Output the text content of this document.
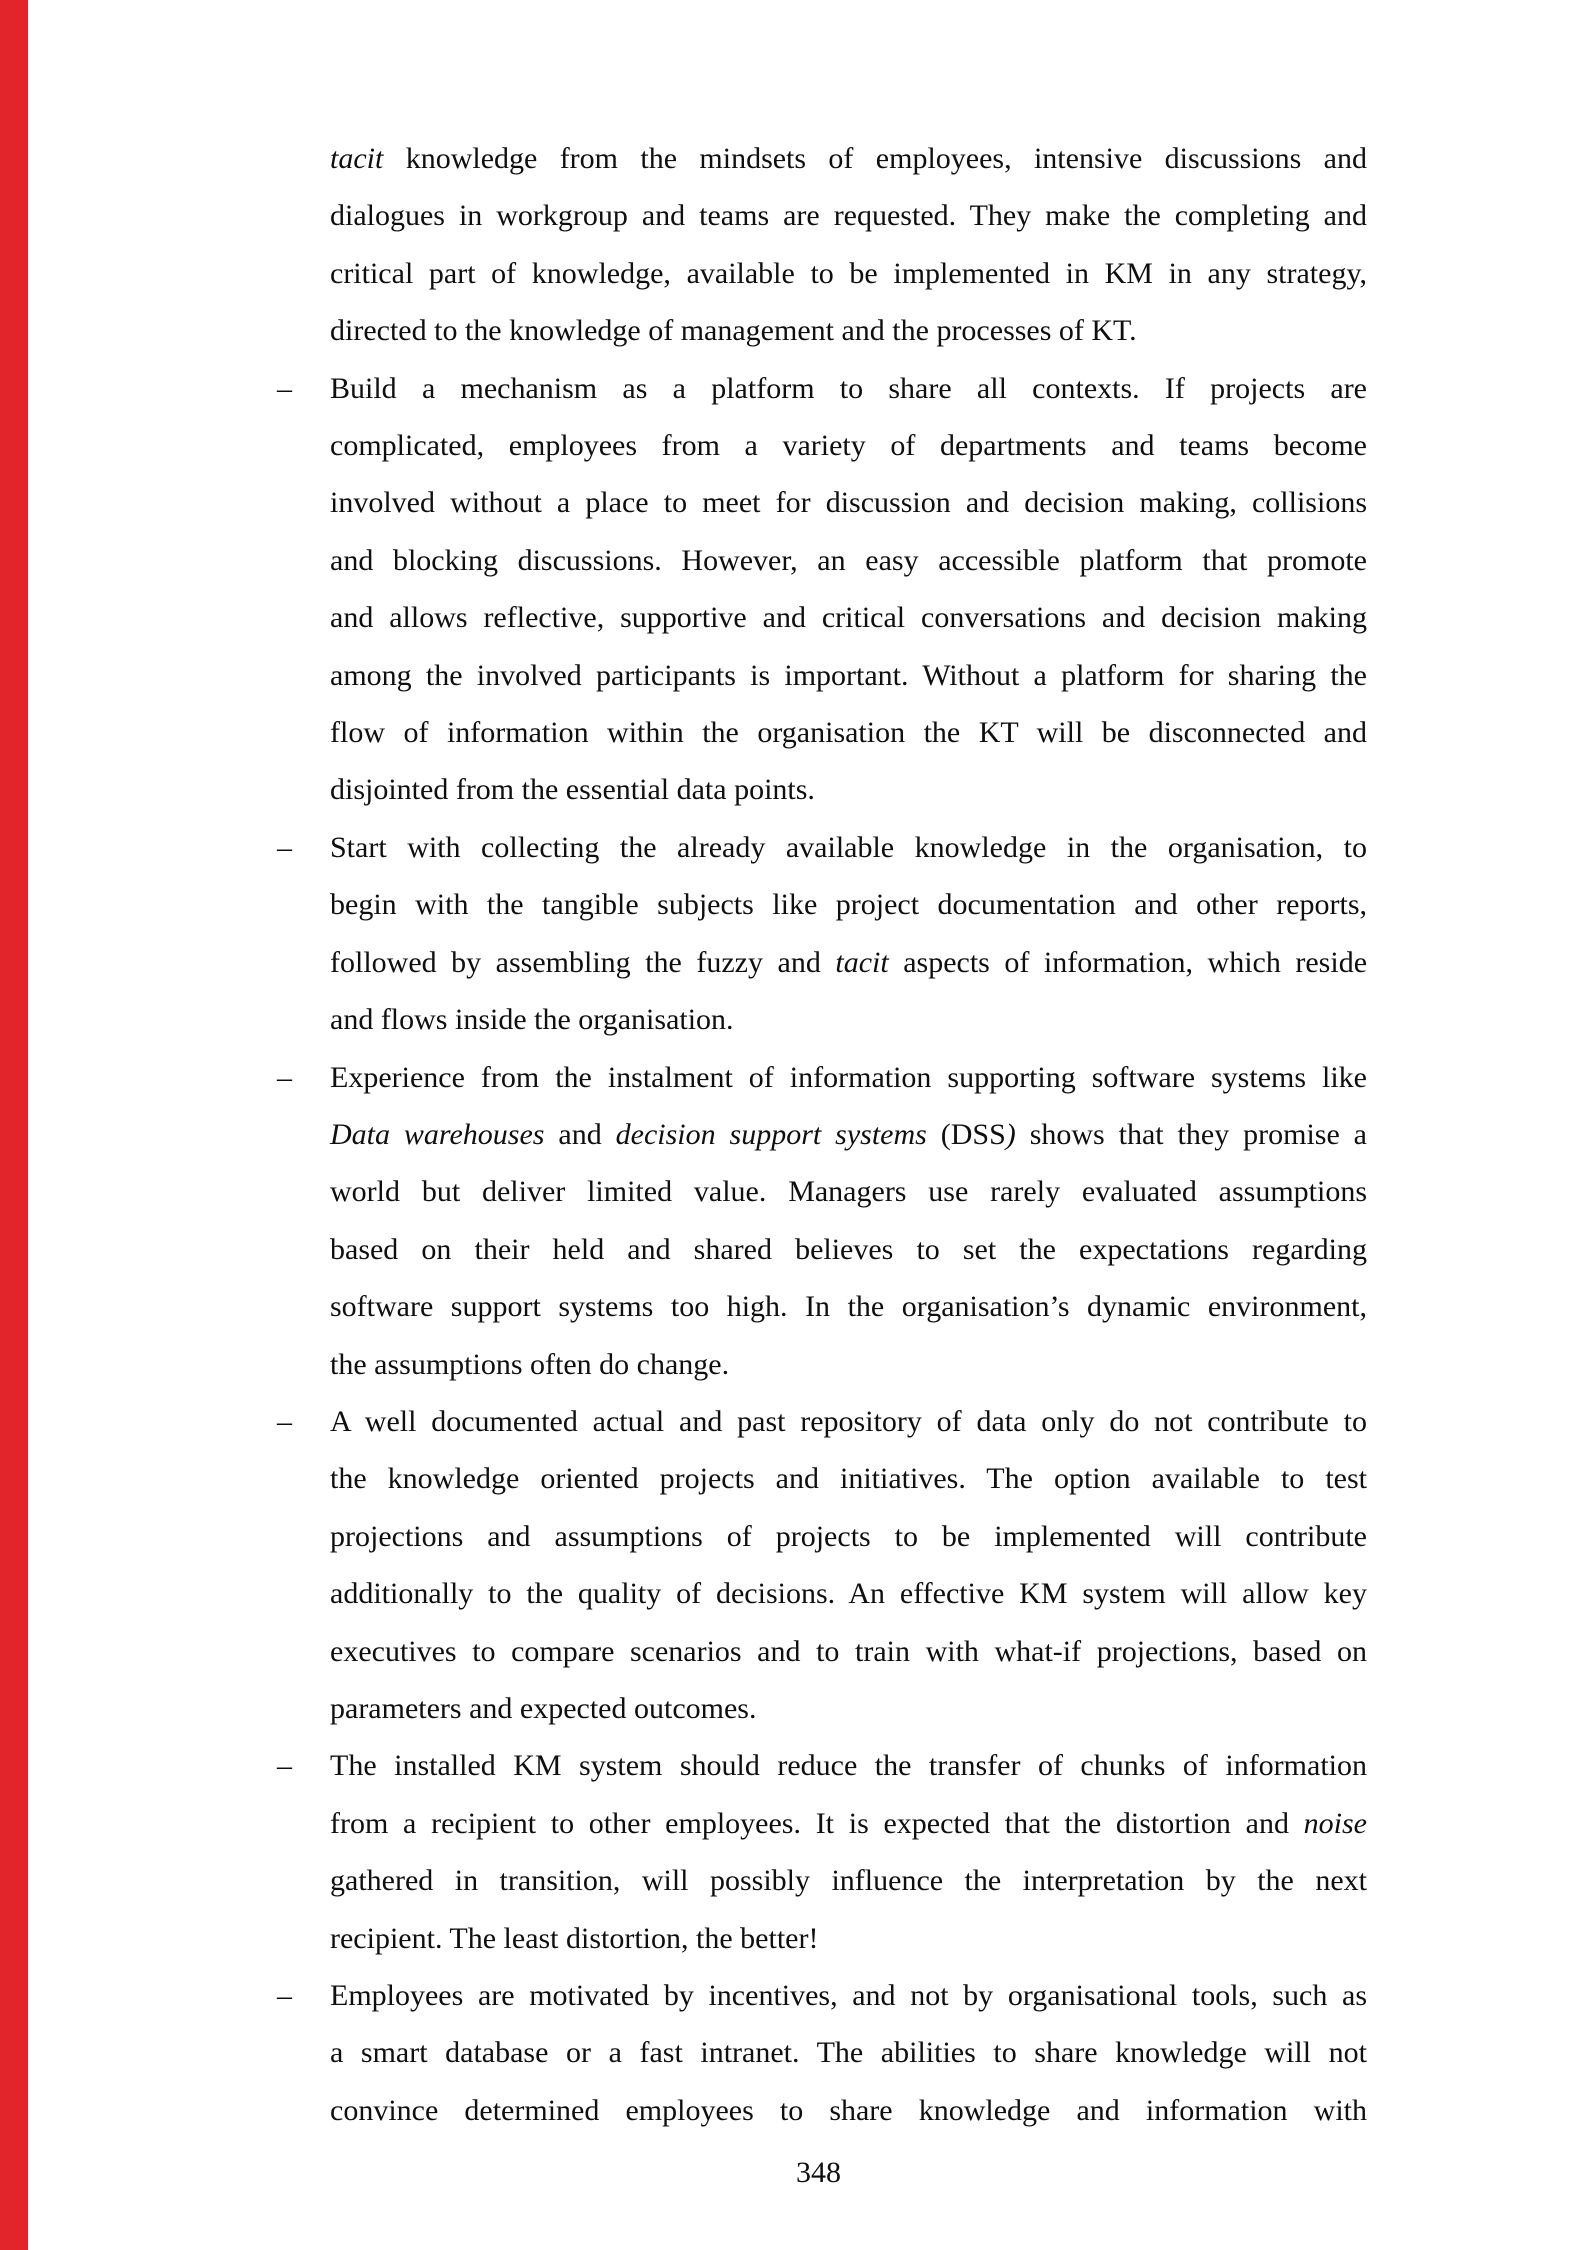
tacit knowledge from the mindsets of employees, intensive discussions and
dialogues in workgroup and teams are requested. They make the completing and
critical part of knowledge, available to be implemented in KM in any strategy,
directed to the knowledge of management and the processes of KT.
– Build a mechanism as a platform to share all contexts. If projects are
complicated, employees from a variety of departments and teams become
involved without a place to meet for discussion and decision making, collisions
and blocking discussions. However, an easy accessible platform that promote
and allows reflective, supportive and critical conversations and decision making
among the involved participants is important. Without a platform for sharing the
flow of information within the organisation the KT will be disconnected and
disjointed from the essential data points.
– Start with collecting the already available knowledge in the organisation, to
begin with the tangible subjects like project documentation and other reports,
followed by assembling the fuzzy and tacit aspects of information, which reside
and flows inside the organisation.
– Experience from the instalment of information supporting software systems like
Data warehouses and decision support systems (DSS) shows that they promise a
world but deliver limited value. Managers use rarely evaluated assumptions
based on their held and shared believes to set the expectations regarding
software support systems too high. In the organisation’s dynamic environment,
the assumptions often do change.
– A well documented actual and past repository of data only do not contribute to
the knowledge oriented projects and initiatives. The option available to test
projections and assumptions of projects to be implemented will contribute
additionally to the quality of decisions. An effective KM system will allow key
executives to compare scenarios and to train with what-if projections, based on
parameters and expected outcomes.
– The installed KM system should reduce the transfer of chunks of information
from a recipient to other employees. It is expected that the distortion and noise
gathered in transition, will possibly influence the interpretation by the next
recipient. The least distortion, the better!
– Employees are motivated by incentives, and not by organisational tools, such as
a smart database or a fast intranet. The abilities to share knowledge will not
convince determined employees to share knowledge and information with
348
